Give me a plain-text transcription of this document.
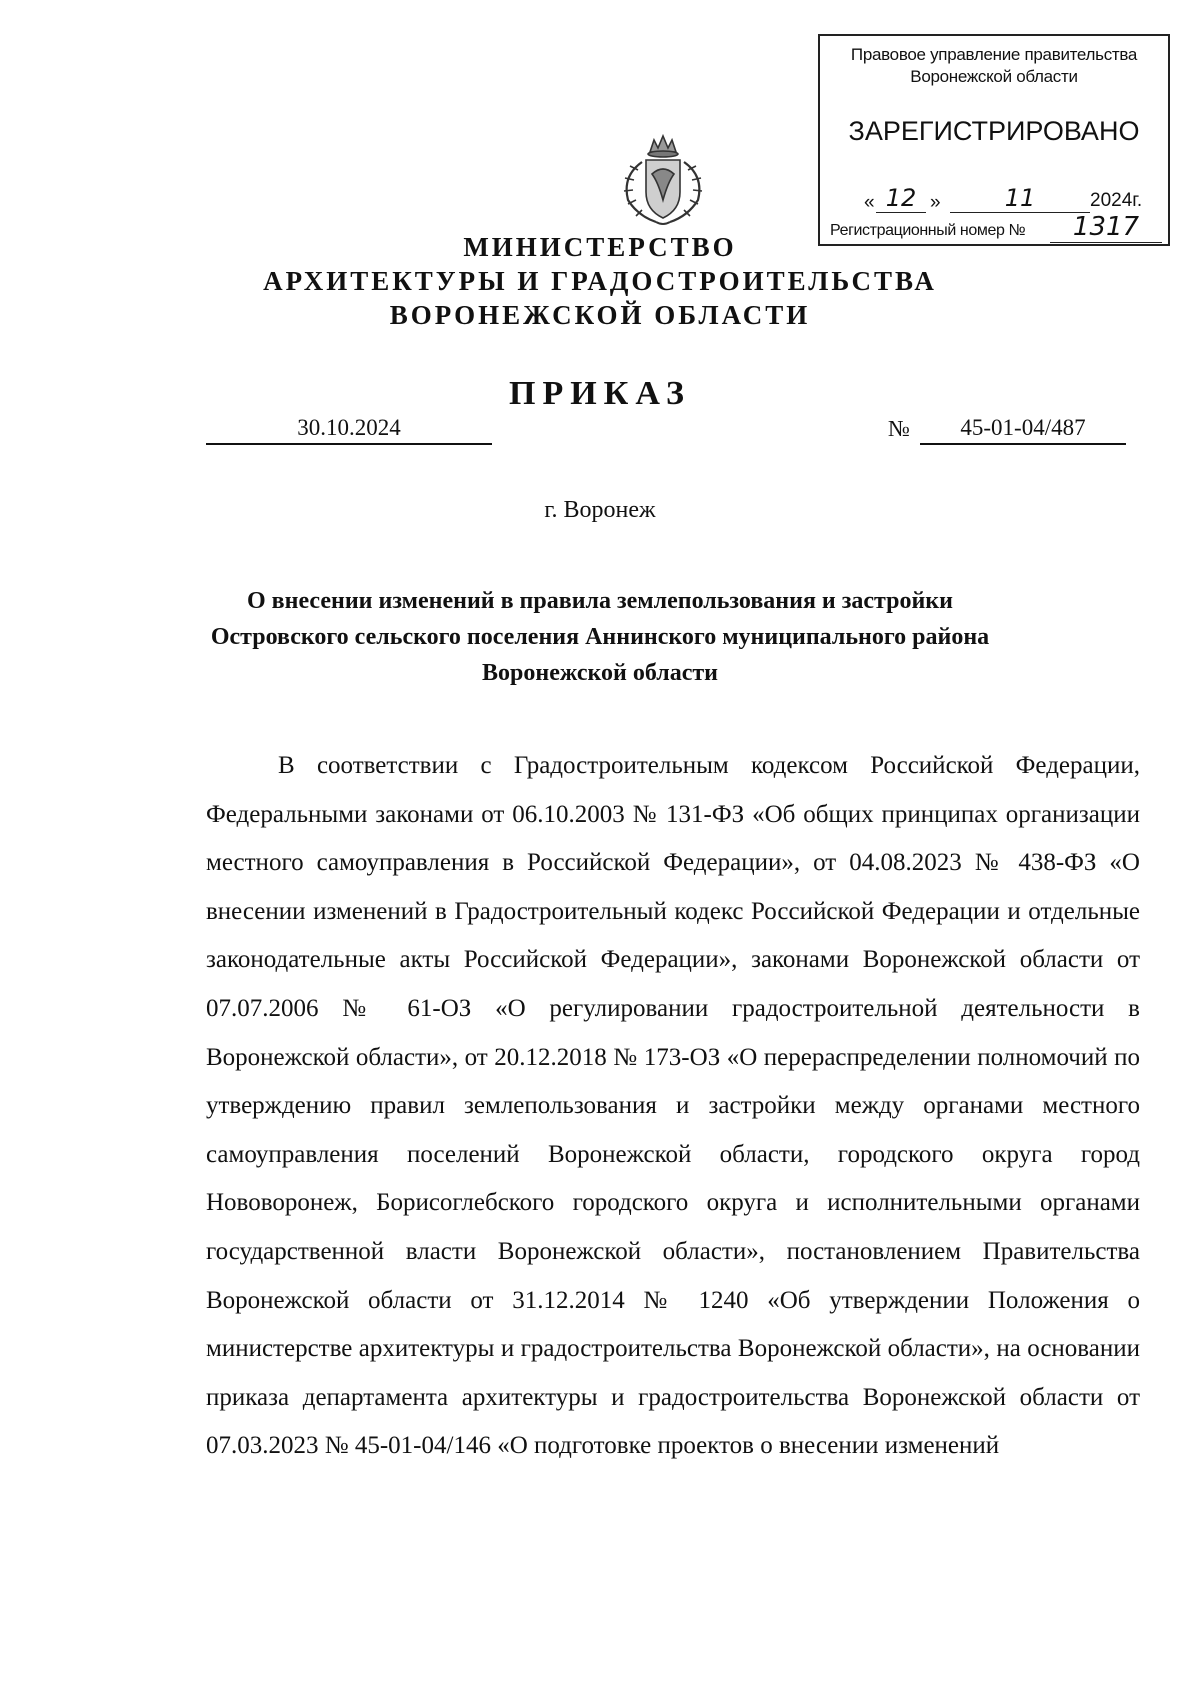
Правовое управление правительства
Воронежской области
ЗАРЕГИСТРИРОВАНО
« 12 »	11	2024г.
Регистрационный номер №	1317
МИНИСТЕРСТВО
АРХИТЕКТУРЫ И ГРАДОСТРОИТЕЛЬСТВА
ВОРОНЕЖСКОЙ ОБЛАСТИ
ПРИКАЗ
30.10.2024	№	45-01-04/487
г. Воронеж
О внесении изменений в правила землепользования и застройки
Островского сельского поселения Аннинского муниципального района
Воронежской области

В соответствии с Градостроительным кодексом Российской Федерации, Федеральными законами от 06.10.2003 № 131-ФЗ «Об общих принципах организации местного самоуправления в Российской Федерации», от 04.08.2023 № 438-ФЗ «О внесении изменений в Градостроительный кодекс Российской Федерации и отдельные законодательные акты Российской Федерации», законами Воронежской области от 07.07.2006 № 61-ОЗ «О регулировании градостроительной деятельности в Воронежской области», от 20.12.2018 № 173-ОЗ «О перераспределении полномочий по утверждению правил землепользования и застройки между органами местного самоуправления поселений Воронежской области, городского округа город Нововоронеж, Борисоглебского городского округа и исполнительными органами государственной власти Воронежской области», постановлением Правительства Воронежской области от 31.12.2014 № 1240 «Об утверждении Положения о министерстве архитектуры и градостроительства Воронежской области», на основании приказа департамента архитектуры и градостроительства Воронежской области от 07.03.2023 № 45-01-04/146 «О подготовке проектов о внесении изменений
